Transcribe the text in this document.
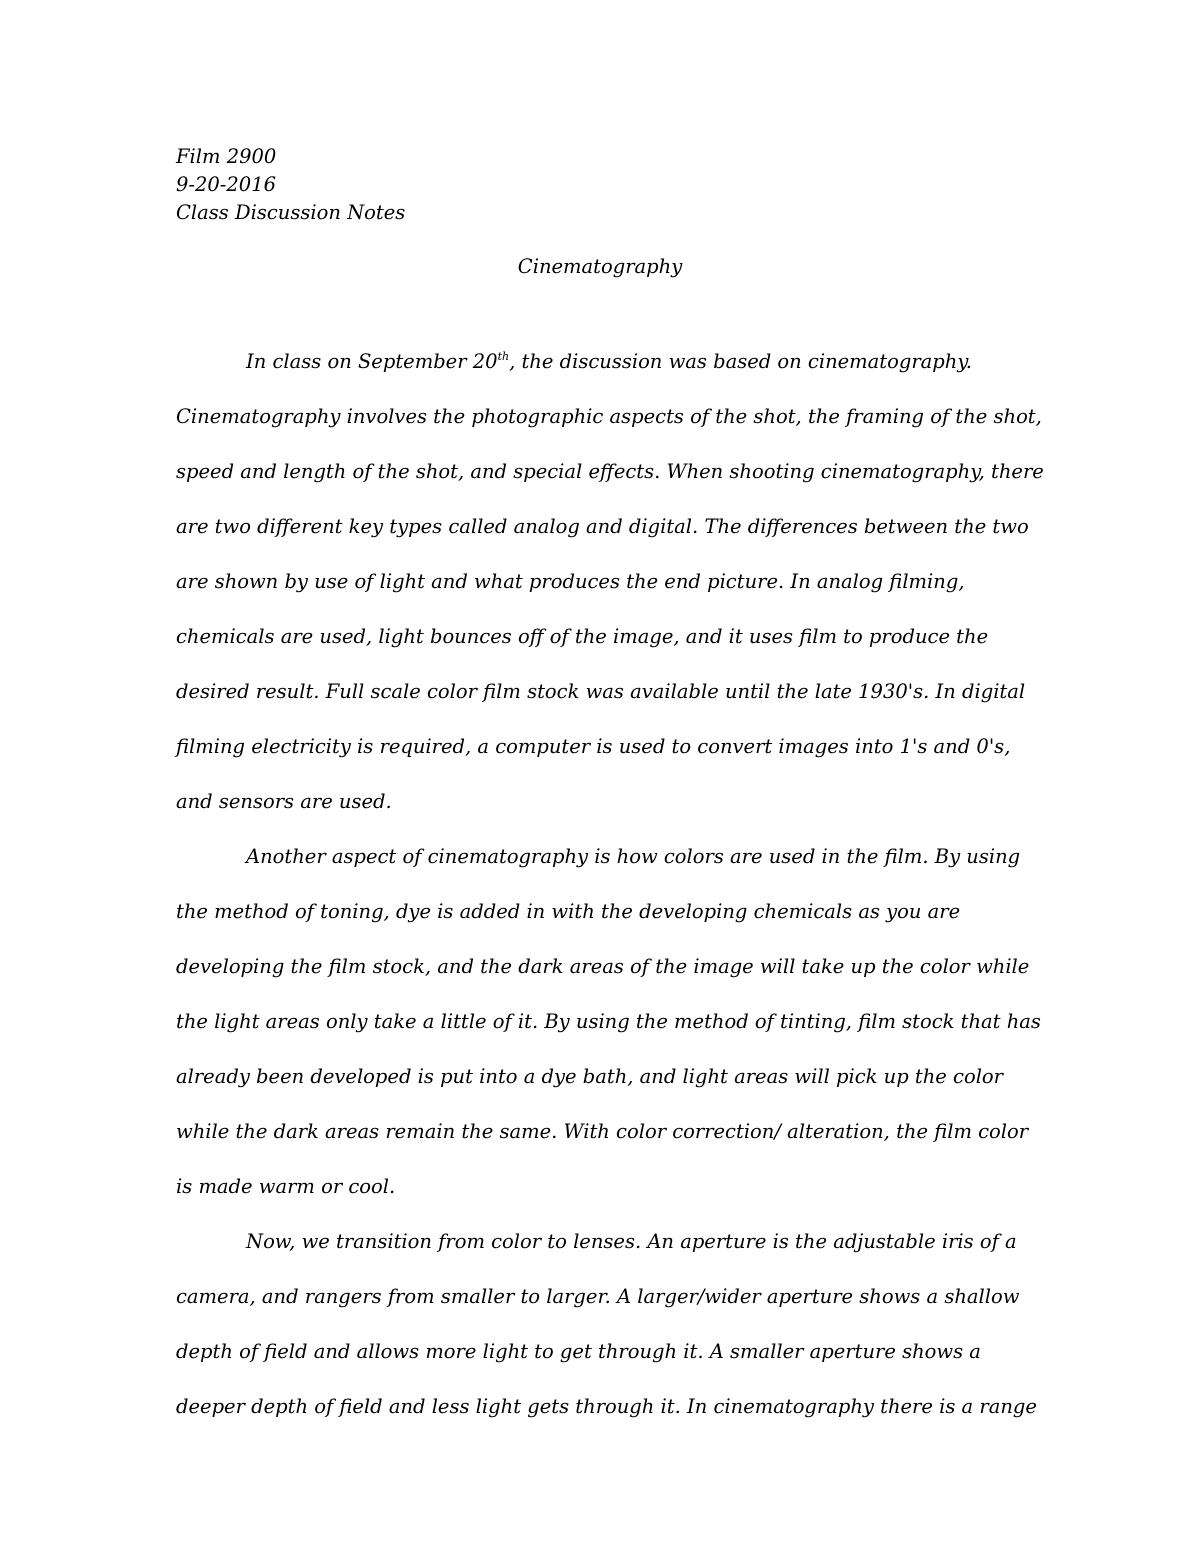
Film 2900
9-20-2016
Class Discussion Notes
Cinematography
In class on September 20th, the discussion was based on cinematography.
Cinematography involves the photographic aspects of the shot, the framing of the shot,
speed and length of the shot, and special effects. When shooting cinematography, there
are two different key types called analog and digital. The differences between the two
are shown by use of light and what produces the end picture. In analog filming,
chemicals are used, light bounces off of the image, and it uses film to produce the
desired result. Full scale color film stock was available until the late 1930's. In digital
filming electricity is required, a computer is used to convert images into 1's and 0's,
and sensors are used.
Another aspect of cinematography is how colors are used in the film. By using
the method of toning, dye is added in with the developing chemicals as you are
developing the film stock, and the dark areas of the image will take up the color while
the light areas only take a little of it. By using the method of tinting, film stock that has
already been developed is put into a dye bath, and light areas will pick up the color
while the dark areas remain the same. With color correction/ alteration, the film color
is made warm or cool.
Now, we transition from color to lenses. An aperture is the adjustable iris of a
camera, and rangers from smaller to larger. A larger/wider aperture shows a shallow
depth of field and allows more light to get through it. A smaller aperture shows a
deeper depth of field and less light gets through it. In cinematography there is a range
